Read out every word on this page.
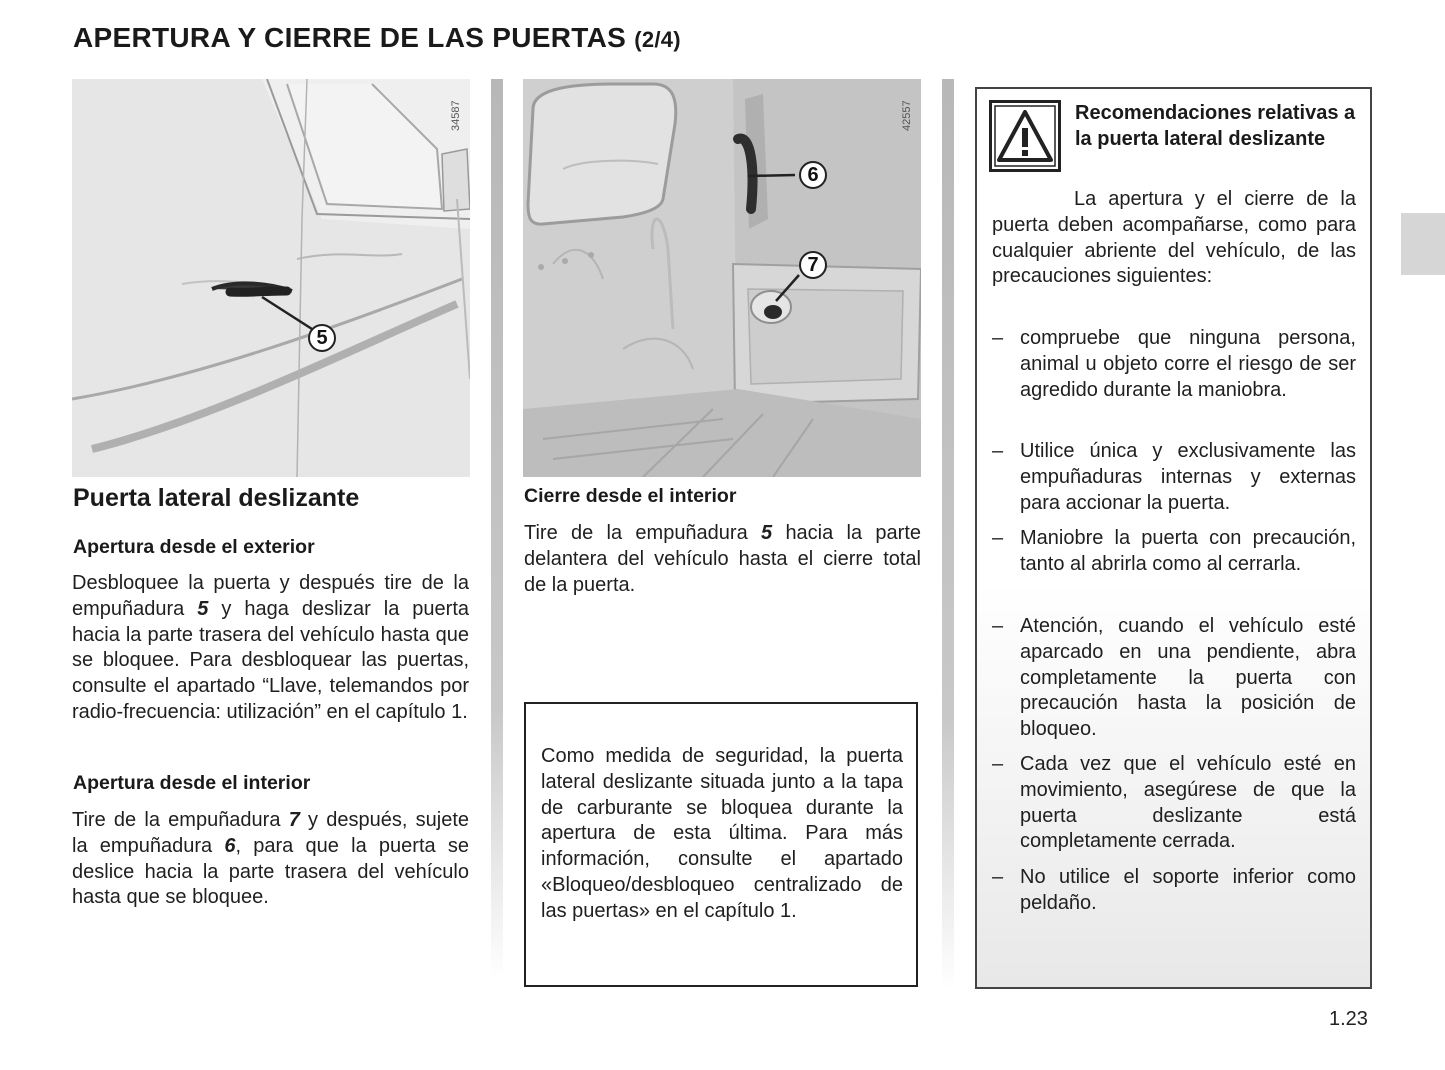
APERTURA Y CIERRE DE LAS PUERTAS (2/4)
34587
5
42557
6
7
Puerta lateral deslizante
Apertura desde el exterior
Desbloquee la puerta y después tire de la empuñadura 5 y haga deslizar la puerta hacia la parte trasera del vehículo hasta que se bloquee. Para desbloquear las puertas, consulte el apartado “Llave, telemandos por radio-frecuencia: utilización” en el capítulo 1.
Apertura desde el interior
Tire de la empuñadura 7 y después, sujete la empuñadura 6, para que la puerta se deslice hacia la parte trasera del vehículo hasta que se bloquee.
Cierre desde el interior
Tire de la empuñadura 5 hacia la parte delantera del vehículo hasta el cierre total de la puerta.
Como medida de seguridad, la puerta lateral deslizante situada junto a la tapa de carburante se bloquea durante la apertura de esta última. Para más información, consulte el apartado «Bloqueo/desbloqueo centralizado de las puertas» en el capítulo 1.
Recomendaciones relativas a la puerta lateral deslizante
La apertura y el cierre de la puerta deben acompañarse, como para cualquier abriente del vehículo, de las precauciones siguientes:
– compruebe que ninguna persona, animal u objeto corre el riesgo de ser agredido durante la maniobra.
– Utilice única y exclusivamente las empuñaduras internas y externas para accionar la puerta.
– Maniobre la puerta con precaución, tanto al abrirla como al cerrarla.
– Atención, cuando el vehículo esté aparcado en una pendiente, abra completamente la puerta con precaución hasta la posición de bloqueo.
– Cada vez que el vehículo esté en movimiento, asegúrese de que la puerta deslizante está completamente cerrada.
– No utilice el soporte inferior como peldaño.
1.23
